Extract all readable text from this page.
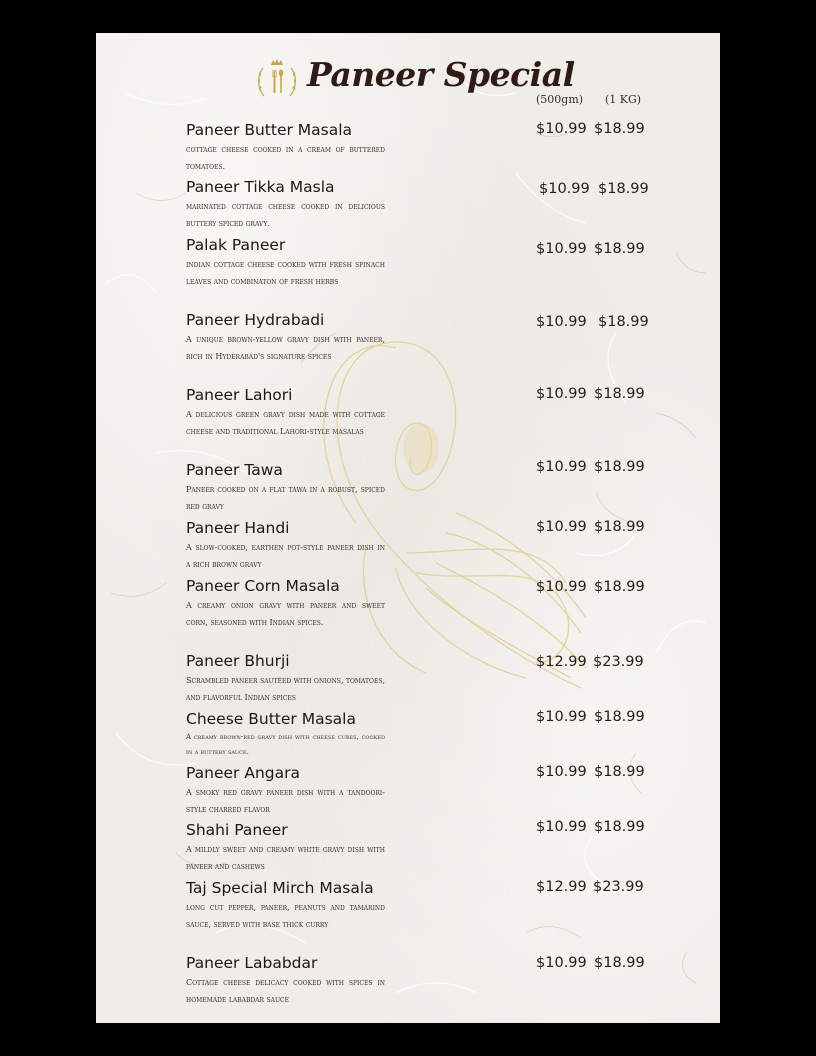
Paneer Special
(500gm) (1 KG)
Paneer Butter Masala
cottage cheese cooked in a cream of buttered tomatoes.
$10.99 $18.99
Paneer Tikka Masla
marinated cottage cheese cooked in delicious buttery spiced gravy.
$10.99 $18.99
Palak Paneer
indian cottage cheese cooked with fresh spinach leaves and combinaton of fresh herbs
$10.99 $18.99
Paneer Hydrabadi
A unique brown-yellow gravy dish with paneer, rich in Hyderabad's signature spices
$10.99 $18.99
Paneer Lahori
A delicious green gravy dish made with cottage cheese and traditional Lahori-style masalas
$10.99 $18.99
Paneer Tawa
Paneer cooked on a flat tawa in a robust, spiced red gravy
$10.99 $18.99
Paneer Handi
A slow-cooked, earthen pot-style paneer dish in a rich brown gravy
$10.99 $18.99
Paneer Corn Masala
A creamy onion gravy with paneer and sweet corn, seasoned with Indian spices.
$10.99 $18.99
Paneer Bhurji
Scrambled paneer sautéed with onions, tomatoes, and flavorful Indian spices
$12.99 $23.99
Cheese Butter Masala
A creamy brown-red gravy dish with cheese cubes, cooked in a buttery sauce.
$10.99 $18.99
Paneer Angara
A smoky red gravy paneer dish with a tandoori-style charred flavor
$10.99 $18.99
Shahi Paneer
A mildly sweet and creamy white gravy dish with paneer and cashews
$10.99 $18.99
Taj Special Mirch Masala
long cut pepper, paneer, peanuts and tamarind sauce, served with base thick curry
$12.99 $23.99
Paneer Lababdar
Cottage cheese delicacy cooked with spices in homemade lababdar sauce
$10.99 $18.99
